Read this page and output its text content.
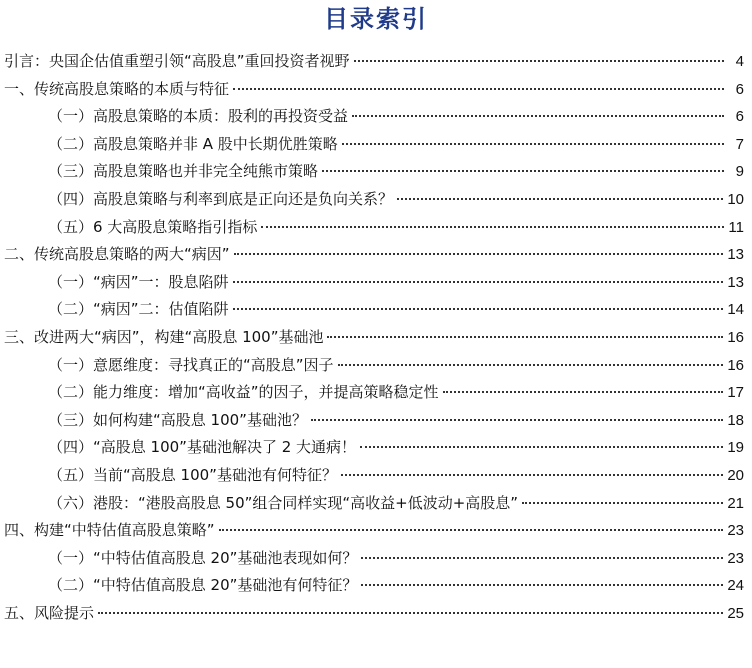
目录索引
引言：央国企估值重塑引领“高股息”重回投资者视野	4
一、传统高股息策略的本质与特征	6
（一）高股息策略的本质：股利的再投资受益	6
（二）高股息策略并非 A 股中长期优胜策略	7
（三）高股息策略也并非完全纯熊市策略	9
（四）高股息策略与利率到底是正向还是负向关系？	10
（五）6 大高股息策略指引指标	11
二、传统高股息策略的两大“病因”	13
（一）“病因”一：股息陷阱	13
（二）“病因”二：估值陷阱	14
三、改进两大“病因”，构建“高股息 100”基础池	16
（一）意愿维度：寻找真正的“高股息”因子	16
（二）能力维度：增加“高收益”的因子，并提高策略稳定性	17
（三）如何构建“高股息 100”基础池？	18
（四）“高股息 100”基础池解决了 2 大通病！	19
（五）当前“高股息 100”基础池有何特征？	20
（六）港股：“港股高股息 50”组合同样实现“高收益+低波动+高股息”	21
四、构建“中特估值高股息策略”	23
（一）“中特估值高股息 20”基础池表现如何？	23
（二）“中特估值高股息 20”基础池有何特征？	24
五、风险提示	25
